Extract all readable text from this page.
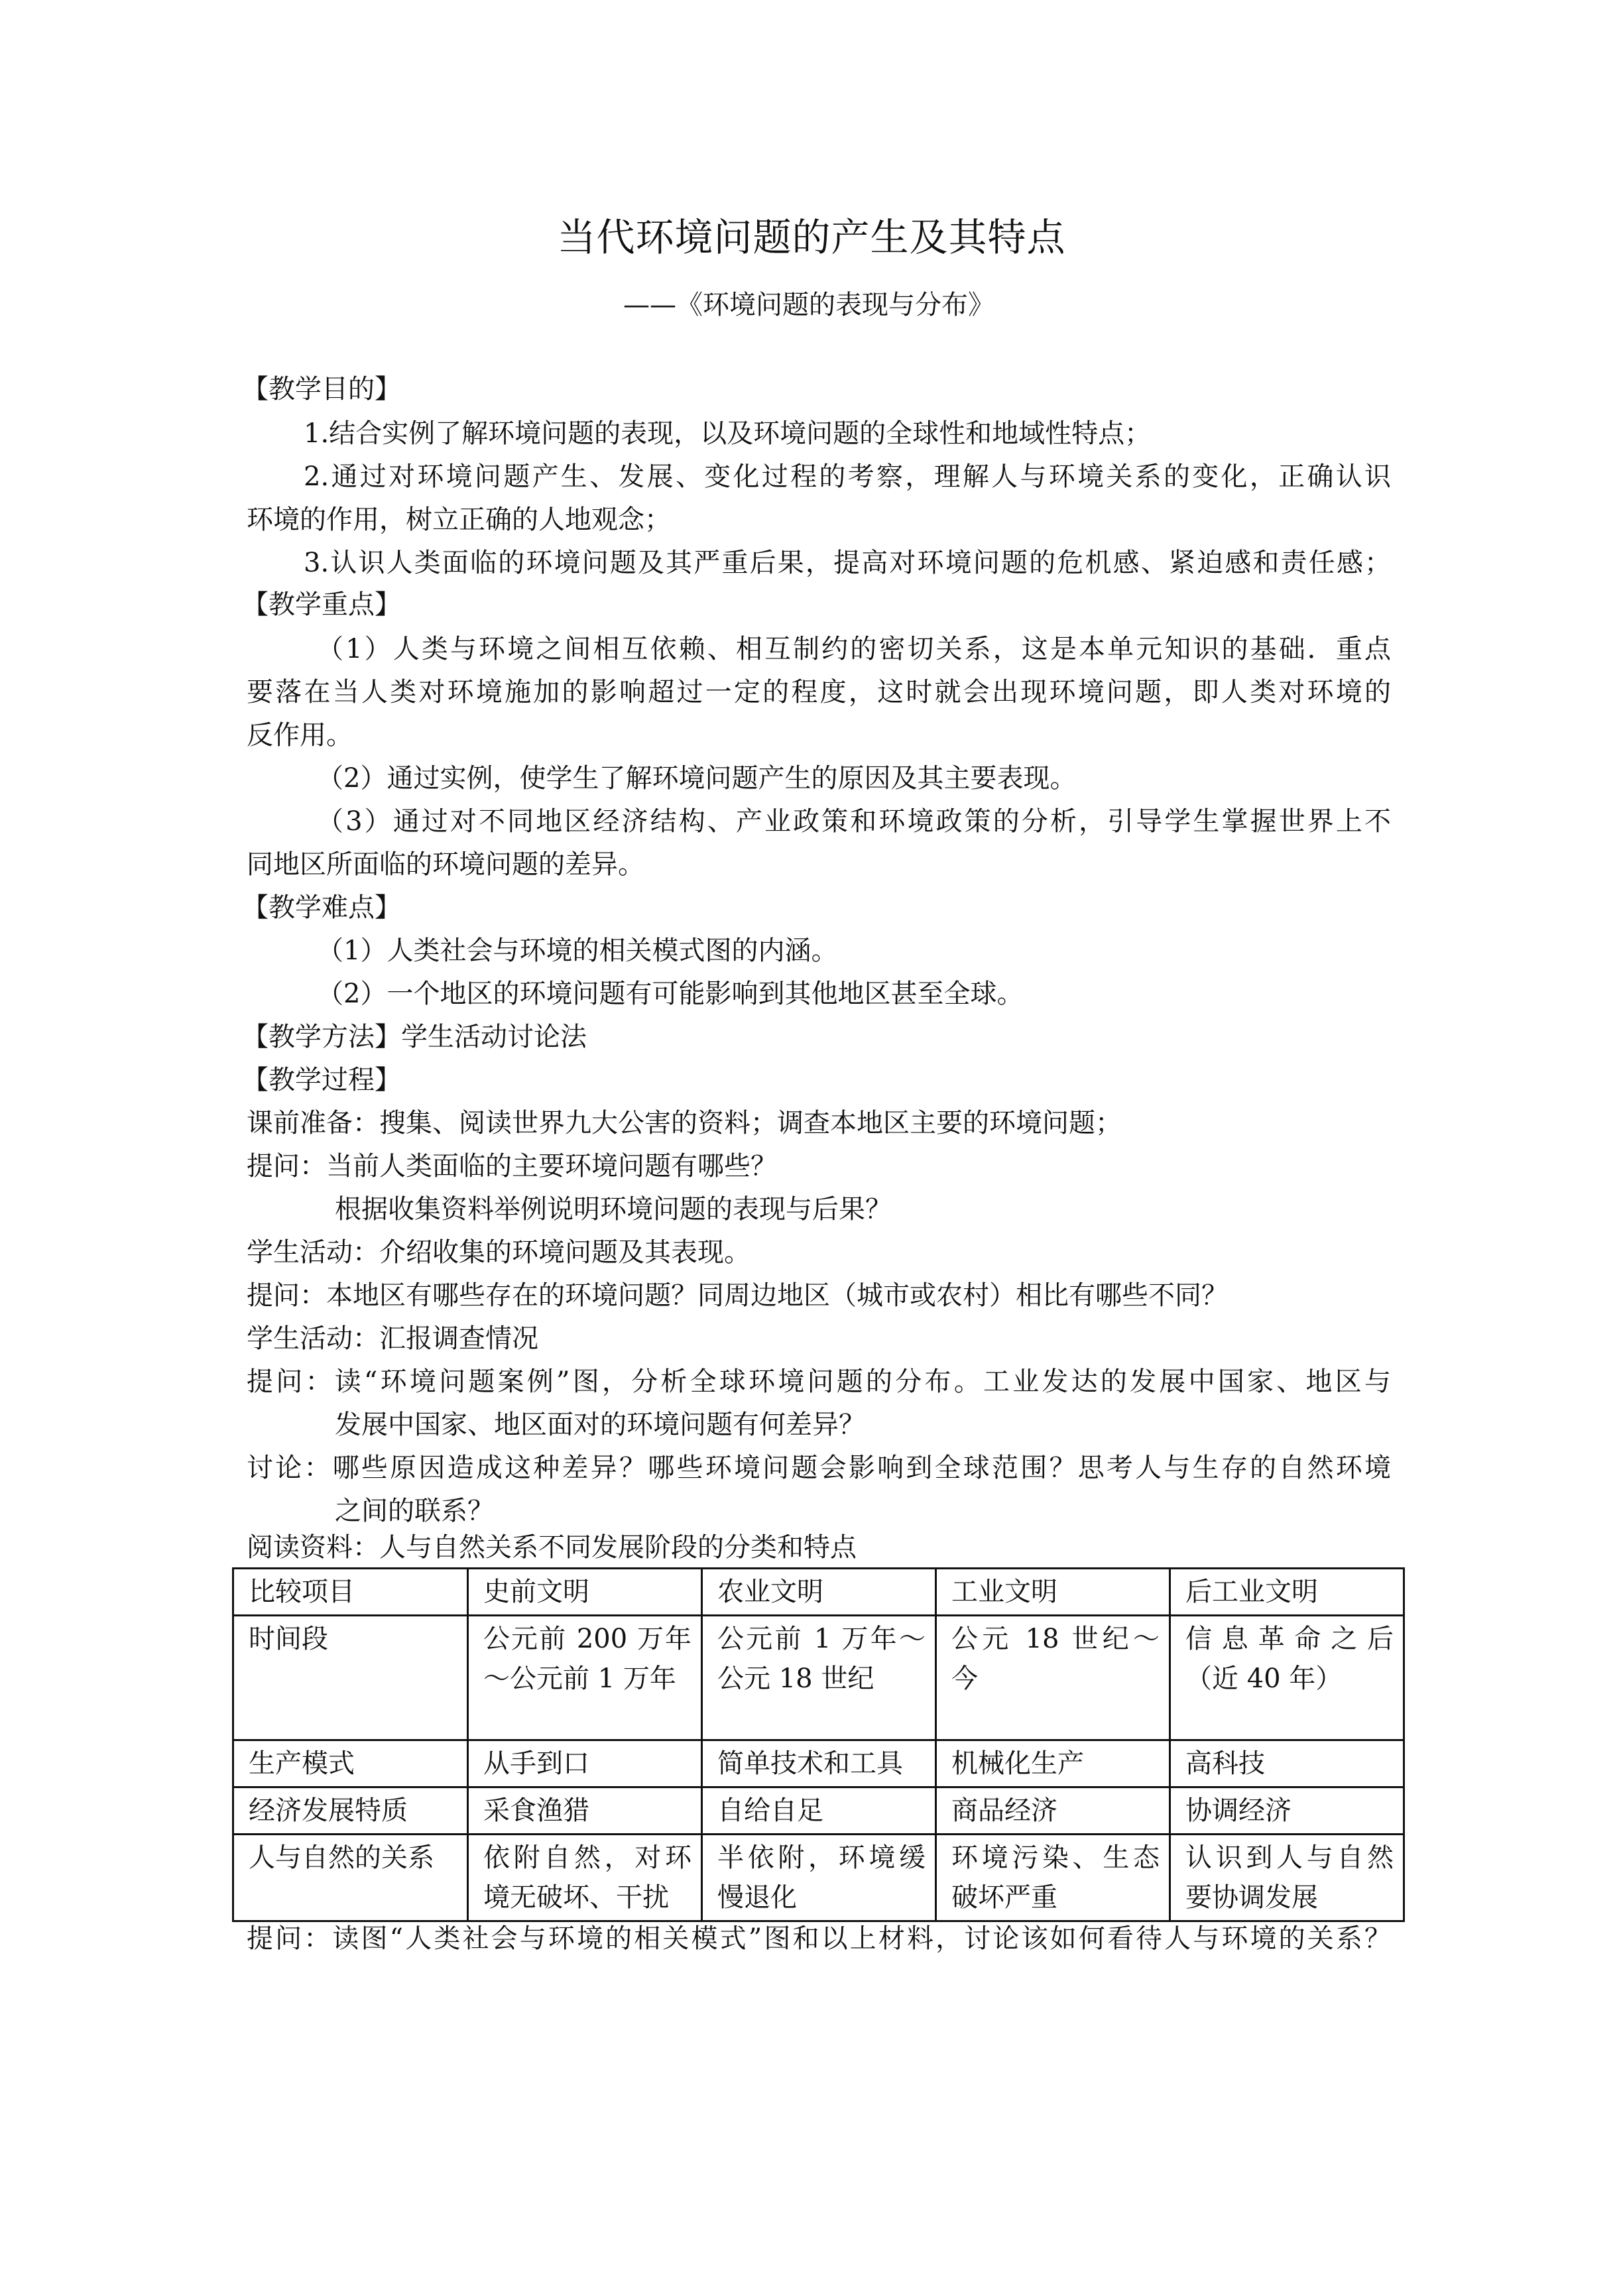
当代环境问题的产生及其特点
——《环境问题的表现与分布》
【教学目的】
1.结合实例了解环境问题的表现，以及环境问题的全球性和地域性特点；
2.通过对环境问题产生、发展、变化过程的考察，理解人与环境关系的变化，正确认识
环境的作用，树立正确的人地观念；
3.认识人类面临的环境问题及其严重后果，提高对环境问题的危机感、紧迫感和责任感；
【教学重点】
（1）人类与环境之间相互依赖、相互制约的密切关系，这是本单元知识的基础．重点
要落在当人类对环境施加的影响超过一定的程度，这时就会出现环境问题，即人类对环境的
反作用。
（2）通过实例，使学生了解环境问题产生的原因及其主要表现。
（3）通过对不同地区经济结构、产业政策和环境政策的分析，引导学生掌握世界上不
同地区所面临的环境问题的差异。
【教学难点】
（1）人类社会与环境的相关模式图的内涵。
（2）一个地区的环境问题有可能影响到其他地区甚至全球。
【教学方法】学生活动讨论法
【教学过程】
课前准备：搜集、阅读世界九大公害的资料；调查本地区主要的环境问题；
提问：当前人类面临的主要环境问题有哪些？
根据收集资料举例说明环境问题的表现与后果？
学生活动：介绍收集的环境问题及其表现。
提问：本地区有哪些存在的环境问题？同周边地区（城市或农村）相比有哪些不同？
学生活动：汇报调查情况
提问：读“环境问题案例”图，分析全球环境问题的分布。工业发达的发展中国家、地区与
发展中国家、地区面对的环境问题有何差异？
讨论：哪些原因造成这种差异？哪些环境问题会影响到全球范围？思考人与生存的自然环境
之间的联系？
阅读资料：人与自然关系不同发展阶段的分类和特点
比较项目	史前文明	农业文明	工业文明	后工业文明
时间段	公元前 200 万年～公元前 1 万年	公元前 1 万年～公元 18 世纪	公元 18 世纪～今	信息革命之后（近 40 年）
生产模式	从手到口	简单技术和工具	机械化生产	高科技
经济发展特质	采食渔猎	自给自足	商品经济	协调经济
人与自然的关系	依附自然，对环境无破坏、干扰	半依附，环境缓慢退化	环境污染、生态破坏严重	认识到人与自然要协调发展
提问：读图“人类社会与环境的相关模式”图和以上材料，讨论该如何看待人与环境的关系？
